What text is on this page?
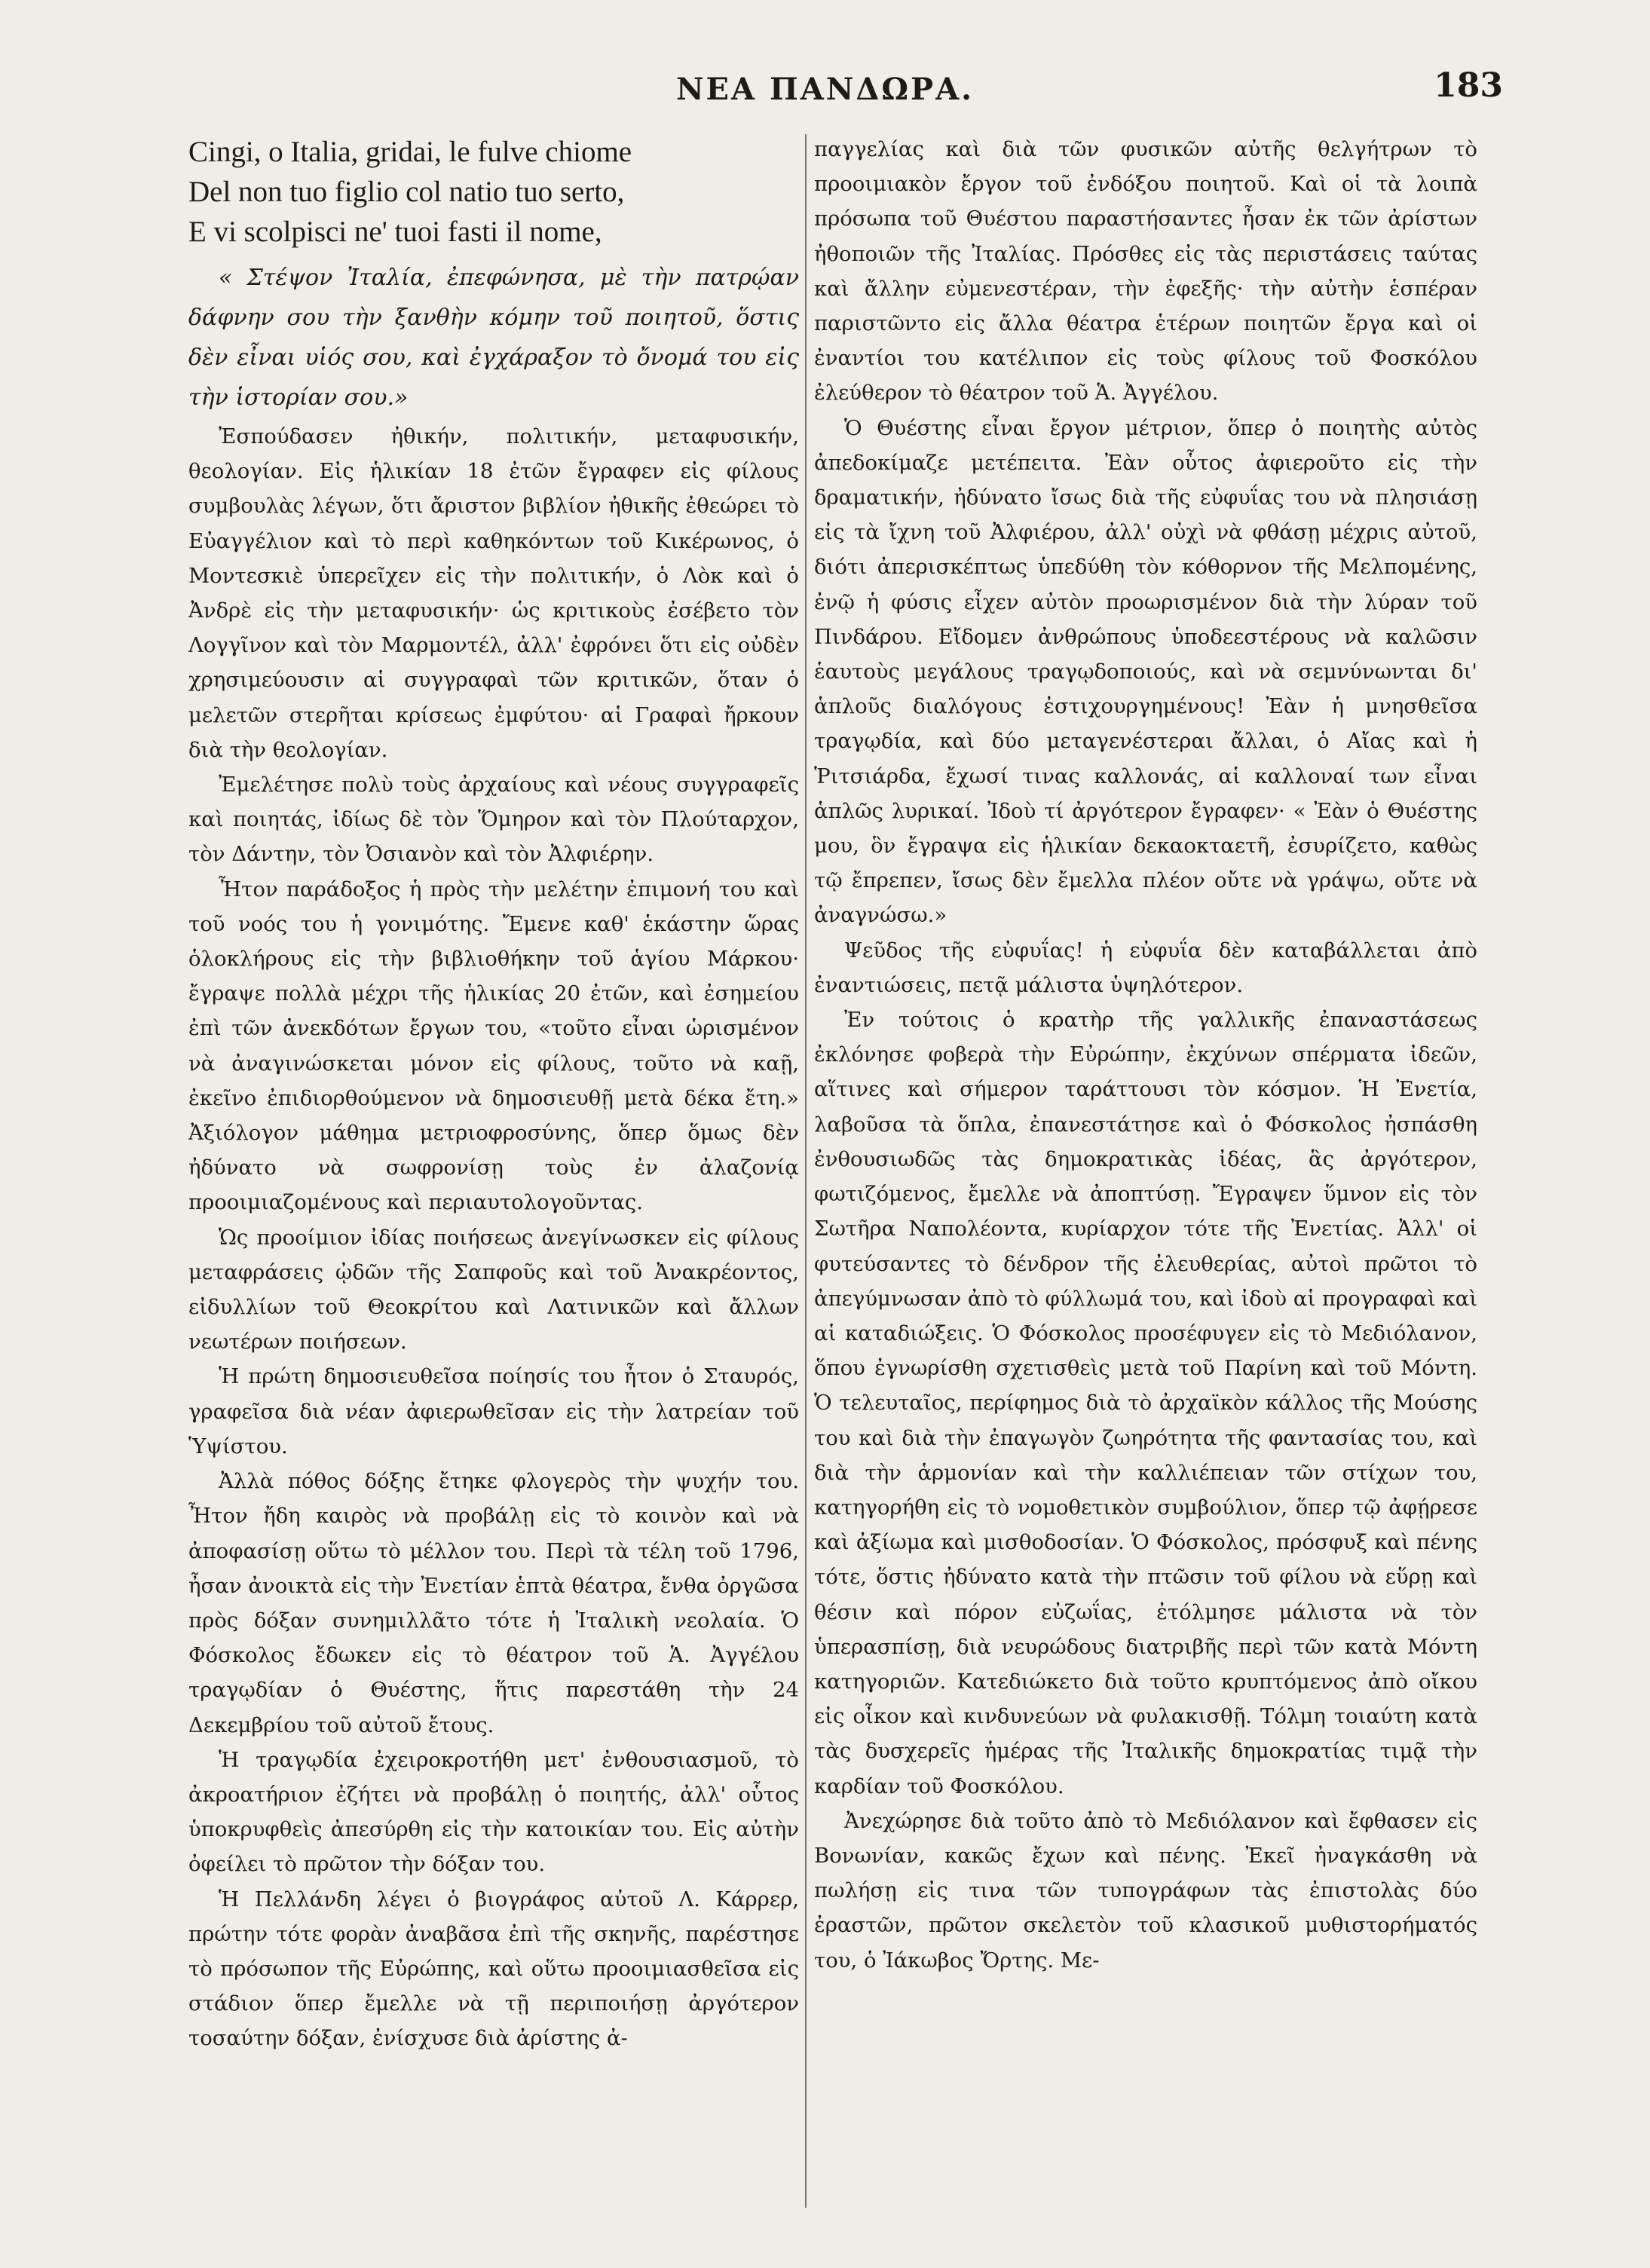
ΝΕΑ ΠΑΝΔΩΡΑ.	183
Cingi, o Italia, gridai, le fulve chiome
Del non tuo figlio col natio tuo serto,
E vi scolpisci ne' tuoi fasti il nome,

« Στέψον Ἰταλία, ἐπεφώνησα, μὲ τὴν πατρῴαν δάφνην σου τὴν ξανθὴν κόμην τοῦ ποιητοῦ, ὅστις δὲν εἶναι υἱός σου, καὶ ἐγχάραξον τὸ ὄνομά του εἰς τὴν ἱστορίαν σου.»

Ἐσπούδασεν ἠθικήν, πολιτικήν, μεταφυσικήν, θεολογίαν. Εἰς ἡλικίαν 18 ἐτῶν ἔγραφεν εἰς φίλους συμβουλὰς λέγων, ὅτι ἄριστον βιβλίον ἠθικῆς ἐθεώρει τὸ Εὐαγγέλιον καὶ τὸ περὶ καθηκόντων τοῦ Κικέρωνος, ὁ Μοντεσκιὲ ὑπερεῖχεν εἰς τὴν πολιτικήν, ὁ Λὸκ καὶ ὁ Ἀνδρὲ εἰς τὴν μεταφυσικήν· ὡς κριτικοὺς ἐσέβετο τὸν Λογγῖνον καὶ τὸν Μαρμοντέλ, ἀλλ' ἐφρόνει ὅτι εἰς οὐδὲν χρησιμεύουσιν αἱ συγγραφαὶ τῶν κριτικῶν, ὅταν ὁ μελετῶν στερῆται κρίσεως ἐμφύτου· αἱ Γραφαὶ ἤρκουν διὰ τὴν θεολογίαν.

Ἐμελέτησε πολὺ τοὺς ἀρχαίους καὶ νέους συγγραφεῖς καὶ ποιητάς, ἰδίως δὲ τὸν Ὅμηρον καὶ τὸν Πλούταρχον, τὸν Δάντην, τὸν Ὀσιανὸν καὶ τὸν Ἀλφιέρην.

Ἦτον παράδοξος ἡ πρὸς τὴν μελέτην ἐπιμονή του καὶ τοῦ νοός του ἡ γονιμότης. Ἔμενε καθ' ἑκάστην ὥρας ὁλοκλήρους εἰς τὴν βιβλιοθήκην τοῦ ἁγίου Μάρκου· ἔγραψε πολλὰ μέχρι τῆς ἡλικίας 20 ἐτῶν, καὶ ἐσημείου ἐπὶ τῶν ἀνεκδότων ἔργων του, «τοῦτο εἶναι ὡρισμένον νὰ ἀναγινώσκεται μόνον εἰς φίλους, τοῦτο νὰ καῇ, ἐκεῖνο ἐπιδιορθούμενον νὰ δημοσιευθῇ μετὰ δέκα ἔτη.» Ἀξιόλογον μάθημα μετριοφροσύνης, ὅπερ ὅμως δὲν ἠδύνατο νὰ σωφρονίσῃ τοὺς ἐν ἀλαζονίᾳ προοιμιαζομένους καὶ περιαυτολογοῦντας.

Ὡς προοίμιον ἰδίας ποιήσεως ἀνεγίνωσκεν εἰς φίλους μεταφράσεις ᾠδῶν τῆς Σαπφοῦς καὶ τοῦ Ἀνακρέοντος, εἰδυλλίων τοῦ Θεοκρίτου καὶ Λατινικῶν καὶ ἄλλων νεωτέρων ποιήσεων.

Ἡ πρώτη δημοσιευθεῖσα ποίησίς του ἦτον ὁ Σταυρός, γραφεῖσα διὰ νέαν ἀφιερωθεῖσαν εἰς τὴν λατρείαν τοῦ Ὑψίστου.

Ἀλλὰ πόθος δόξης ἔτηκε φλογερὸς τὴν ψυχήν του. Ἦτον ἤδη καιρὸς νὰ προβάλῃ εἰς τὸ κοινὸν καὶ νὰ ἀποφασίσῃ οὕτω τὸ μέλλον του. Περὶ τὰ τέλη τοῦ 1796, ἦσαν ἀνοικτὰ εἰς τὴν Ἐνετίαν ἑπτὰ θέατρα, ἔνθα ὀργῶσα πρὸς δόξαν συνημιλλᾶτο τότε ἡ Ἰταλικὴ νεολαία. Ὁ Φόσκολος ἔδωκεν εἰς τὸ θέατρον τοῦ Ἁ. Ἀγγέλου τραγῳδίαν ὁ Θυέστης, ἥτις παρεστάθη τὴν 24 Δεκεμβρίου τοῦ αὐτοῦ ἔτους.

Ἡ τραγῳδία ἐχειροκροτήθη μετ' ἐνθουσιασμοῦ, τὸ ἀκροατήριον ἐζήτει νὰ προβάλῃ ὁ ποιητής, ἀλλ' οὗτος ὑποκρυφθεὶς ἀπεσύρθη εἰς τὴν κατοικίαν του. Εἰς αὐτὴν ὀφείλει τὸ πρῶτον τὴν δόξαν του.

Ἡ Πελλάνδη λέγει ὁ βιογράφος αὐτοῦ Λ. Κάρρερ, πρώτην τότε φορὰν ἀναβᾶσα ἐπὶ τῆς σκηνῆς, παρέστησε τὸ πρόσωπον τῆς Εὐρώπης, καὶ οὕτω προοιμιασθεῖσα εἰς στάδιον ὅπερ ἔμελλε νὰ τῇ περιποιήσῃ ἀργότερον τοσαύτην δόξαν, ἐνίσχυσε διὰ ἀρίστης ἀ-

παγγελίας καὶ διὰ τῶν φυσικῶν αὐτῆς θελγήτρων τὸ προοιμιακὸν ἔργον τοῦ ἐνδόξου ποιητοῦ. Καὶ οἱ τὰ λοιπὰ πρόσωπα τοῦ Θυέστου παραστήσαντες ἦσαν ἐκ τῶν ἀρίστων ἠθοποιῶν τῆς Ἰταλίας. Πρόσθες εἰς τὰς περιστάσεις ταύτας καὶ ἄλλην εὐμενεστέραν, τὴν ἐφεξῆς· τὴν αὐτὴν ἑσπέραν παριστῶντο εἰς ἄλλα θέατρα ἑτέρων ποιητῶν ἔργα καὶ οἱ ἐναντίοι του κατέλιπον εἰς τοὺς φίλους τοῦ Φοσκόλου ἐλεύθερον τὸ θέατρον τοῦ Ἁ. Ἀγγέλου.

Ὁ Θυέστης εἶναι ἔργον μέτριον, ὅπερ ὁ ποιητὴς αὐτὸς ἀπεδοκίμαζε μετέπειτα. Ἐὰν οὗτος ἀφιεροῦτο εἰς τὴν δραματικήν, ἠδύνατο ἴσως διὰ τῆς εὐφυΐας του νὰ πλησιάσῃ εἰς τὰ ἴχνη τοῦ Ἀλφιέρου, ἀλλ' οὐχὶ νὰ φθάσῃ μέχρις αὐτοῦ, διότι ἀπερισκέπτως ὑπεδύθη τὸν κόθορνον τῆς Μελπομένης, ἐνῷ ἡ φύσις εἶχεν αὐτὸν προωρισμένον διὰ τὴν λύραν τοῦ Πινδάρου. Εἴδομεν ἀνθρώπους ὑποδεεστέρους νὰ καλῶσιν ἑαυτοὺς μεγάλους τραγῳδοποιούς, καὶ νὰ σεμνύνωνται δι' ἁπλοῦς διαλόγους ἐστιχουργημένους! Ἐὰν ἡ μνησθεῖσα τραγῳδία, καὶ δύο μεταγενέστεραι ἄλλαι, ὁ Αἴας καὶ ἡ Ῥιτσιάρδα, ἔχωσί τινας καλλονάς, αἱ καλλοναί των εἶναι ἁπλῶς λυρικαί. Ἰδοὺ τί ἀργότερον ἔγραφεν· « Ἐὰν ὁ Θυέστης μου, ὃν ἔγραψα εἰς ἡλικίαν δεκαοκταετῆ, ἐσυρίζετο, καθὼς τῷ ἔπρεπεν, ἴσως δὲν ἔμελλα πλέον οὔτε νὰ γράψω, οὔτε νὰ ἀναγνώσω.»

Ψεῦδος τῆς εὐφυΐας! ἡ εὐφυΐα δὲν καταβάλλεται ἀπὸ ἐναντιώσεις, πετᾷ μάλιστα ὑψηλότερον.

Ἐν τούτοις ὁ κρατὴρ τῆς γαλλικῆς ἐπαναστάσεως ἐκλόνησε φοβερὰ τὴν Εὐρώπην, ἐκχύνων σπέρματα ἰδεῶν, αἵτινες καὶ σήμερον ταράττουσι τὸν κόσμον. Ἡ Ἐνετία, λαβοῦσα τὰ ὅπλα, ἐπανεστάτησε καὶ ὁ Φόσκολος ἠσπάσθη ἐνθουσιωδῶς τὰς δημοκρατικὰς ἰδέας, ἃς ἀργότερον, φωτιζόμενος, ἔμελλε νὰ ἀποπτύσῃ. Ἔγραψεν ὕμνον εἰς τὸν Σωτῆρα Ναπολέοντα, κυρίαρχον τότε τῆς Ἐνετίας. Ἀλλ' οἱ φυτεύσαντες τὸ δένδρον τῆς ἐλευθερίας, αὐτοὶ πρῶτοι τὸ ἀπεγύμνωσαν ἀπὸ τὸ φύλλωμά του, καὶ ἰδοὺ αἱ προγραφαὶ καὶ αἱ καταδιώξεις. Ὁ Φόσκολος προσέφυγεν εἰς τὸ Μεδιόλανον, ὅπου ἐγνωρίσθη σχετισθεὶς μετὰ τοῦ Παρίνη καὶ τοῦ Μόντη. Ὁ τελευταῖος, περίφημος διὰ τὸ ἀρχαϊκὸν κάλλος τῆς Μούσης του καὶ διὰ τὴν ἐπαγωγὸν ζωηρότητα τῆς φαντασίας του, καὶ διὰ τὴν ἁρμονίαν καὶ τὴν καλλιέπειαν τῶν στίχων του, κατηγορήθη εἰς τὸ νομοθετικὸν συμβούλιον, ὅπερ τῷ ἀφῄρεσε καὶ ἀξίωμα καὶ μισθοδοσίαν. Ὁ Φόσκολος, πρόσφυξ καὶ πένης τότε, ὅστις ἠδύνατο κατὰ τὴν πτῶσιν τοῦ φίλου νὰ εὕρῃ καὶ θέσιν καὶ πόρον εὐζωΐας, ἐτόλμησε μάλιστα νὰ τὸν ὑπερασπίσῃ, διὰ νευρώδους διατριβῆς περὶ τῶν κατὰ Μόντη κατηγοριῶν. Κατεδιώκετο διὰ τοῦτο κρυπτόμενος ἀπὸ οἴκου εἰς οἶκον καὶ κινδυνεύων νὰ φυλακισθῇ. Τόλμη τοιαύτη κατὰ τὰς δυσχερεῖς ἡμέρας τῆς Ἰταλικῆς δημοκρατίας τιμᾷ τὴν καρδίαν τοῦ Φοσκόλου.

Ἀνεχώρησε διὰ τοῦτο ἀπὸ τὸ Μεδιόλανον καὶ ἔφθασεν εἰς Βονωνίαν, κακῶς ἔχων καὶ πένης. Ἐκεῖ ἠναγκάσθη νὰ πωλήσῃ εἰς τινα τῶν τυπογράφων τὰς ἐπιστολὰς δύο ἐραστῶν, πρῶτον σκελετὸν τοῦ κλασικοῦ μυθιστορήματός του, ὁ Ἰάκωβος Ὄρτης. Με-
